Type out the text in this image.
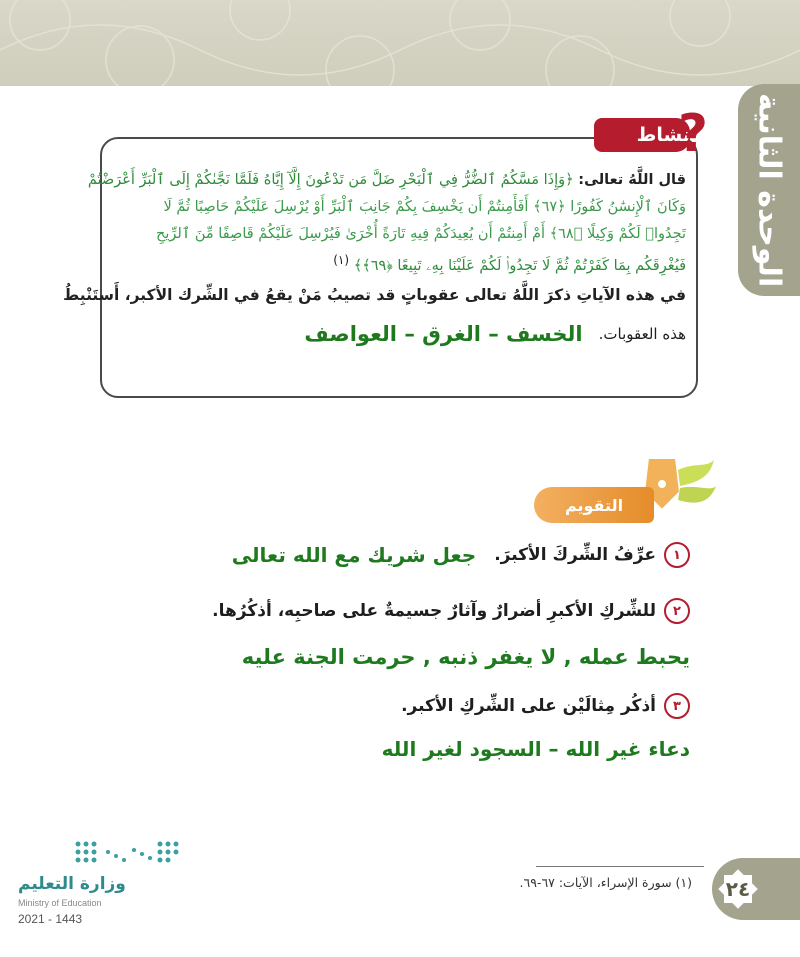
الوحدة الثانية
نشاط
?
قال اللَّهُ تعالى: ﴿وَإِذَا مَسَّكُمُ ٱلضُّرُّ فِي ٱلْبَحْرِ ضَلَّ مَن تَدْعُونَ إِلَّآ إِيَّاهُ فَلَمَّا نَجَّىٰكُمْ إِلَى ٱلْبَرِّ أَعْرَضْتُمْ
وَكَانَ ٱلْإِنسَٰنُ كَفُورًا ﴿٦٧﴾ أَفَأَمِنتُمْ أَن يَخْسِفَ بِكُمْ جَانِبَ ٱلْبَرِّ أَوْ يُرْسِلَ عَلَيْكُمْ حَاصِبًا ثُمَّ لَا
تَجِدُوا۟ لَكُمْ وَكِيلًا ﴿٦٨﴾ أَمْ أَمِنتُمْ أَن يُعِيدَكُمْ فِيهِ تَارَةً أُخْرَىٰ فَيُرْسِلَ عَلَيْكُمْ قَاصِفًا مِّنَ ٱلرِّيحِ
فَيُغْرِقَكُم بِمَا كَفَرْتُمْ ثُمَّ لَا تَجِدُوا۟ لَكُمْ عَلَيْنَا بِهِۦ تَبِيعًا ﴿٦٩﴾﴾ $^{(١)}$
في هذه الآياتِ ذكرَ اللَّهُ تعالى عقوباتٍ قد تصيبُ مَنْ يقعُ في الشِّرك الأكبر، أَستَنْبِطُ
هذه العقوبات.
الخسف – الغرق – العواصف
التقويم
١
عرِّفُ الشِّركَ الأكبرَ.
جعل شريك مع الله تعالى
٢
للشِّركِ الأكبرِ أضرارٌ وآثارٌ جسيمةٌ على صاحبِه، أذكُرُها.
يحبط عمله , لا يغفر ذنبه , حرمت الجنة عليه
٣
أذكُر مِثالَيْن على الشِّركِ الأكبر.
دعاء غير الله – السجود لغير الله
(١) سورة الإسراء، الآيات: ٦٧-٦٩.	٢٤
وزارة التعليم
Ministry of Education
2021 - 1443
